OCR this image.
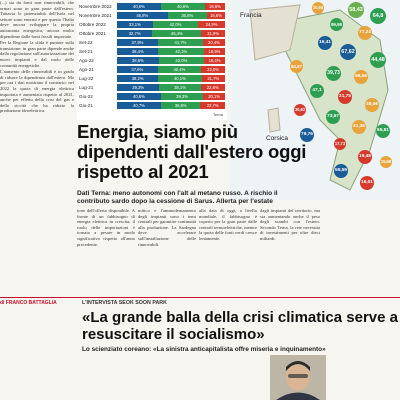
(...) sia da fonti non rinnovabili, che ormai sono in gran parte dall'estero. Tuttavia le potenzialità dell'Isola nel settore sono enormi e per questo l'Italia deve ancora sviluppare la propria autonomia energetica, ancora molto dipendente dalle fonti fossili importate.

Per la Regione la sfida è puntare sulla transizione: in gran parte dipende anche dalla regolazione sull'autorizzazione dei nuovi impianti e dal ruolo delle comunità energetiche.

L'aumento delle rinnovabili è in grado di ridurre la dipendenza dall'estero. Ma per ora i dati mostrano il contrario: nel 2022 la quota di energia elettrica importata è aumentata rispetto al 2021, anche per effetto della crisi del gas e della siccità che ha ridotto la produzione idroelettrica.

Novembre 2022	40,6%	40,8%	18,6%
Novembre 2021	46,8%	36,6%	16,6%
Ottobre 2022	33,1%	42,0%	24,9%
Ottobre 2021	32,7%	45,4%	21,9%
Set-22	37,9%	41,7%	20,4%
Set-21	38,4%	42,1%	19,5%
Ago-22	38,6%	42,0%	19,4%
Ago-21	37,6%	40,4%	22,0%
Lug-22	38,2%	40,1%	21,7%
Lug-21	39,3%	38,1%	22,6%
Giu-22	40,6%	39,3%	20,1%
Giu-21	40,7%	36,6%	22,7%
Terna
Francia
Corsica
10,94	58,43
64,8
99,99
77,24
16,41
67,62
44,48
84,87
39,73
56,58
47,1
21,75
48,66
30,82
73,57
41,36
65,81
79,76
17,73
19,48
15,68
59,59
16,01
Energia, siamo più dipendenti dall'estero oggi rispetto al 2021
Dati Terna: meno autonomi con l'alt al metano russo. A rischio il contributo sardo dopo la cessione di Sarus. Allerta per l'estate
ione dell'offerta disponibile. A fronte di un fabbisogno di energia elettrica in crescita, il ruolo delle importazioni è tornato a pesare in modo significativo rispetto all'anno precedente.
mitico e l'ammodernamento degli impianti sono i temi centrali per garantire continuità alla produzione. La Sardegna deve accelerare sull'installazione delle rinnovabili.
alla data di oggi, a livello mondiale, il fabbisogno è coperto per la gran parte dalle centrali termoelettriche, mentre la quota delle fonti verdi cresce lentamente.
dagli impianti del territorio, ma sta aumentando anche il peso degli scambi con l'estero. Secondo Terna, la rete necessita di investimenti per oltre dieci miliardi.
di FRANCO BATTAGLIA	L'INTERVISTA SEOK SOON PARK
«La grande balla della crisi climatica serve a resuscitare il socialismo»
Lo scienziato coreano: «La sinistra anticapitalista offre miseria e inquinamento»
